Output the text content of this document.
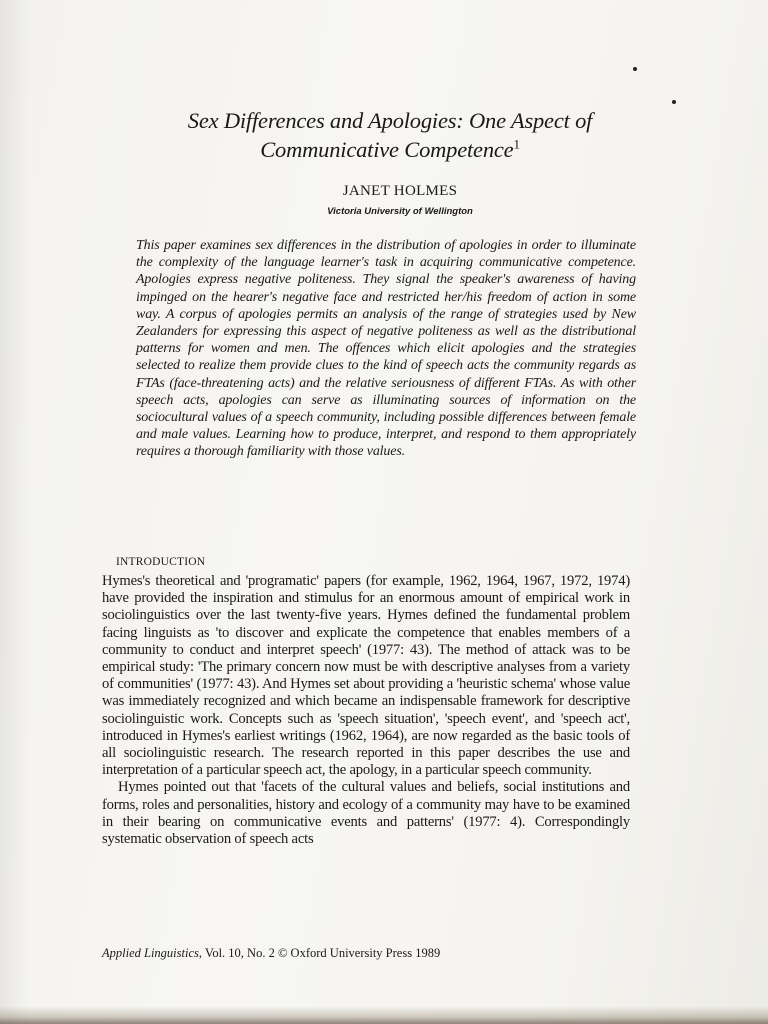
Sex Differences and Apologies: One Aspect of
Communicative Competence$^1$
JANET HOLMES
Victoria University of Wellington
This paper examines sex differences in the distribution of apologies in order to illuminate the complexity of the language learner's task in acquiring communicative competence. Apologies express negative politeness. They signal the speaker's awareness of having impinged on the hearer's negative face and restricted her/his freedom of action in some way. A corpus of apologies permits an analysis of the range of strategies used by New Zealanders for expressing this aspect of negative politeness as well as the distributional patterns for women and men. The offences which elicit apologies and the strategies selected to realize them provide clues to the kind of speech acts the community regards as FTAs (face-threatening acts) and the relative seriousness of different FTAs. As with other speech acts, apologies can serve as illuminating sources of information on the sociocultural values of a speech community, including possible differences between female and male values. Learning how to produce, interpret, and respond to them appropriately requires a thorough familiarity with those values.
INTRODUCTION

Hymes's theoretical and 'programatic' papers (for example, 1962, 1964, 1967, 1972, 1974) have provided the inspiration and stimulus for an enormous amount of empirical work in sociolinguistics over the last twenty-five years. Hymes defined the fundamental problem facing linguists as 'to discover and explicate the competence that enables members of a community to conduct and interpret speech' (1977: 43). The method of attack was to be empirical study: 'The primary concern now must be with descriptive analyses from a variety of communities' (1977: 43). And Hymes set about providing a 'heuristic schema' whose value was immediately recognized and which became an indispensable framework for descriptive sociolinguistic work. Concepts such as 'speech situation', 'speech event', and 'speech act', introduced in Hymes's earliest writings (1962, 1964), are now regarded as the basic tools of all sociolinguistic research. The research reported in this paper describes the use and interpretation of a particular speech act, the apology, in a particular speech community.

Hymes pointed out that 'facets of the cultural values and beliefs, social institutions and forms, roles and personalities, history and ecology of a community may have to be examined in their bearing on communicative events and patterns' (1977: 4). Correspondingly systematic observation of speech acts

Applied Linguistics, Vol. 10, No. 2 © Oxford University Press 1989
